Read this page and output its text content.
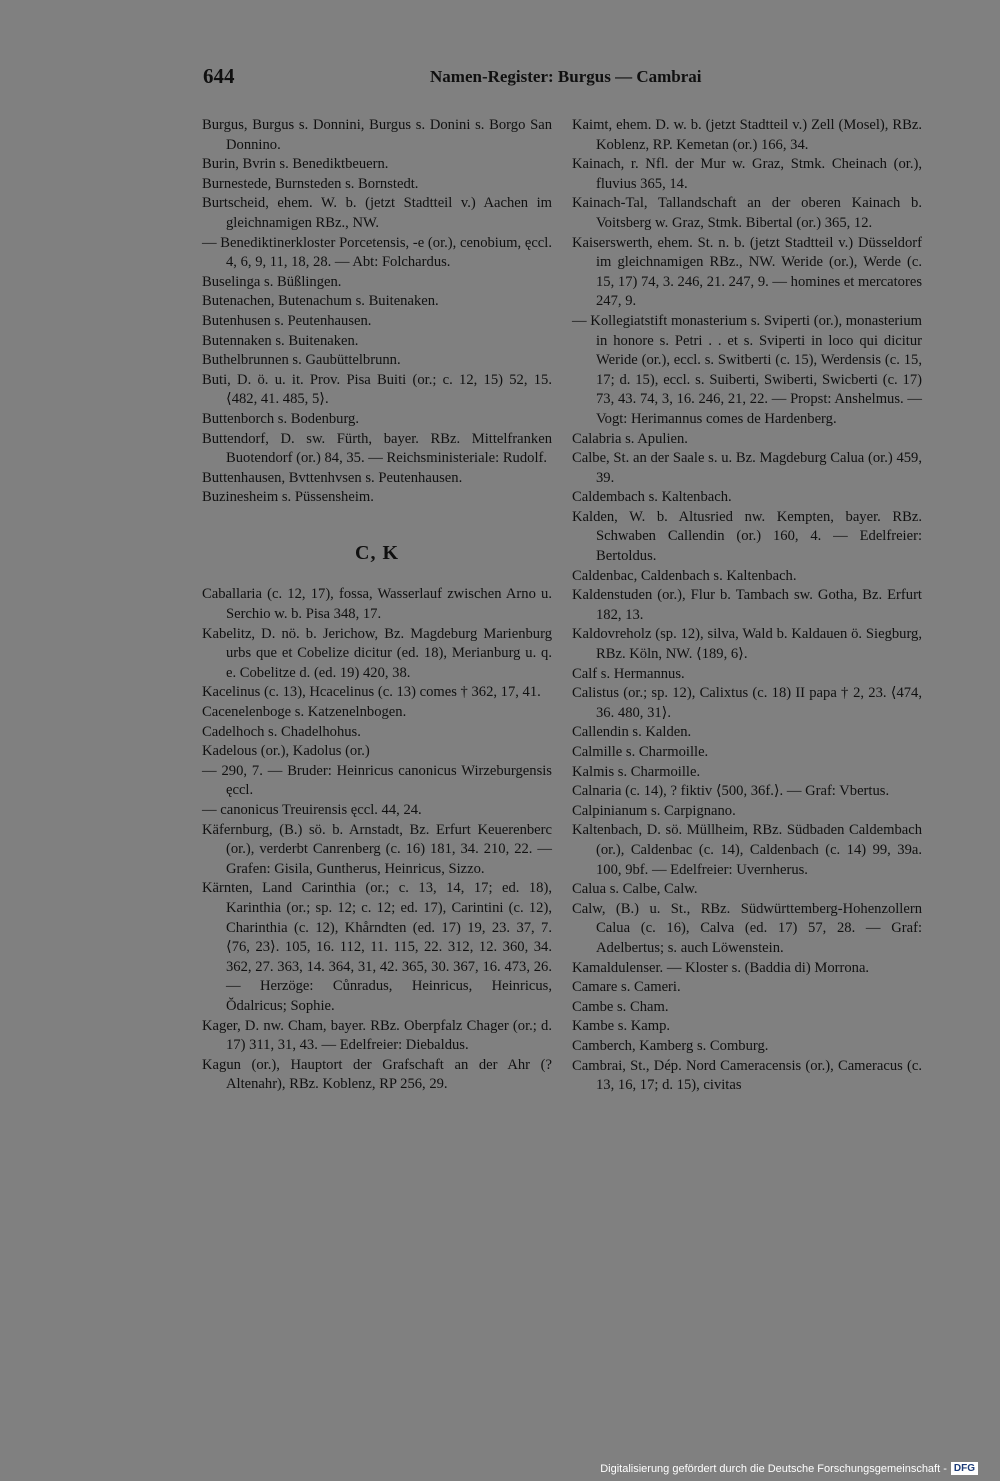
644	Namen-Register: Burgus — Cambrai
Burgus, Burgus s. Donnini, Burgus s. Donini s. Borgo San Donnino.
Burin, Bvrin s. Benediktbeuern.
Burnestede, Burnsteden s. Bornstedt.
Burtscheid, ehem. W. b. (jetzt Stadtteil v.) Aachen im gleichnamigen RBz., NW.
— Benediktinerkloster Porcetensis, -e (or.), cenobium, ęccl. 4, 6, 9, 11, 18, 28. — Abt: Folchardus.
Buselinga s. Büßlingen.
Butenachen, Butenachum s. Buitenaken.
Butenhusen s. Peutenhausen.
Butennaken s. Buitenaken.
Buthelbrunnen s. Gaubüttelbrunn.
Buti, D. ö. u. it. Prov. Pisa Buiti (or.; c. 12, 15) 52, 15. ⟨482, 41. 485, 5⟩.
Buttenborch s. Bodenburg.
Buttendorf, D. sw. Fürth, bayer. RBz. Mittelfranken Buotendorf (or.) 84, 35. — Reichsministeriale: Rudolf.
Buttenhausen, Bvttenhvsen s. Peutenhausen.
Buzinesheim s. Püssensheim.
C, K
Caballaria (c. 12, 17), fossa, Wasserlauf zwischen Arno u. Serchio w. b. Pisa 348, 17.
Kabelitz, D. nö. b. Jerichow, Bz. Magdeburg Marienburg urbs que et Cobelize dicitur (ed. 18), Merianburg u. q. e. Cobelitze d. (ed. 19) 420, 38.
Kacelinus (c. 13), Hcacelinus (c. 13) comes † 362, 17, 41.
Cacenelenboge s. Katzenelnbogen.
Cadelhoch s. Chadelhohus.
Kadelous (or.), Kadolus (or.)
— 290, 7. — Bruder: Heinricus canonicus Wirzeburgensis ęccl.
— canonicus Treuirensis ęccl. 44, 24.
Käfernburg, (B.) sö. b. Arnstadt, Bz. Erfurt Keuerenberc (or.), verderbt Canrenberg (c. 16) 181, 34. 210, 22. — Grafen: Gisila, Guntherus, Heinricus, Sizzo.
Kärnten, Land Carinthia (or.; c. 13, 14, 17; ed. 18), Karinthia (or.; sp. 12; c. 12; ed. 17), Carintini (c. 12), Charinthia (c. 12), Khårndten (ed. 17) 19, 23. 37, 7. ⟨76, 23⟩. 105, 16. 112, 11. 115, 22. 312, 12. 360, 34. 362, 27. 363, 14. 364, 31, 42. 365, 30. 367, 16. 473, 26. — Herzöge: Cůnradus, Heinricus, Heinricus, Ŏdalricus; Sophie.
Kager, D. nw. Cham, bayer. RBz. Oberpfalz Chager (or.; d. 17) 311, 31, 43. — Edelfreier: Diebaldus.
Kagun (or.), Hauptort der Grafschaft an der Ahr (? Altenahr), RBz. Koblenz, RP 256, 29.
Kaimt, ehem. D. w. b. (jetzt Stadtteil v.) Zell (Mosel), RBz. Koblenz, RP. Kemetan (or.) 166, 34.
Kainach, r. Nfl. der Mur w. Graz, Stmk. Cheinach (or.), fluvius 365, 14.
Kainach-Tal, Tallandschaft an der oberen Kainach b. Voitsberg w. Graz, Stmk. Bibertal (or.) 365, 12.
Kaiserswerth, ehem. St. n. b. (jetzt Stadtteil v.) Düsseldorf im gleichnamigen RBz., NW. Weride (or.), Werde (c. 15, 17) 74, 3. 246, 21. 247, 9. — homines et mercatores 247, 9.
— Kollegiatstift monasterium s. Sviperti (or.), monasterium in honore s. Petri . . et s. Sviperti in loco qui dicitur Weride (or.), eccl. s. Switberti (c. 15), Werdensis (c. 15, 17; d. 15), eccl. s. Suiberti, Swiberti, Swicberti (c. 17) 73, 43. 74, 3, 16. 246, 21, 22. — Propst: Anshelmus. — Vogt: Herimannus comes de Hardenberg.
Calabria s. Apulien.
Calbe, St. an der Saale s. u. Bz. Magdeburg Calua (or.) 459, 39.
Caldembach s. Kaltenbach.
Kalden, W. b. Altusried nw. Kempten, bayer. RBz. Schwaben Callendin (or.) 160, 4. — Edelfreier: Bertoldus.
Caldenbac, Caldenbach s. Kaltenbach.
Kaldenstuden (or.), Flur b. Tambach sw. Gotha, Bz. Erfurt 182, 13.
Kaldovreholz (sp. 12), silva, Wald b. Kaldauen ö. Siegburg, RBz. Köln, NW. ⟨189, 6⟩.
Calf s. Hermannus.
Calistus (or.; sp. 12), Calixtus (c. 18) II papa † 2, 23. ⟨474, 36. 480, 31⟩.
Callendin s. Kalden.
Calmille s. Charmoille.
Kalmis s. Charmoille.
Calnaria (c. 14), ? fiktiv ⟨500, 36f.⟩. — Graf: Vbertus.
Calpinianum s. Carpignano.
Kaltenbach, D. sö. Müllheim, RBz. Südbaden Caldembach (or.), Caldenbac (c. 14), Caldenbach (c. 14) 99, 39a. 100, 9bf. — Edelfreier: Uvernherus.
Calua s. Calbe, Calw.
Calw, (B.) u. St., RBz. Südwürttemberg-Hohenzollern Calua (c. 16), Calva (ed. 17) 57, 28. — Graf: Adelbertus; s. auch Löwenstein.
Kamaldulenser. — Kloster s. (Baddia di) Morrona.
Camare s. Cameri.
Cambe s. Cham.
Kambe s. Kamp.
Camberch, Kamberg s. Comburg.
Cambrai, St., Dép. Nord Cameracensis (or.), Cameracus (c. 13, 16, 17; d. 15), civitas
Digitalisierung gefördert durch die Deutsche Forschungsgemeinschaft - DFG
